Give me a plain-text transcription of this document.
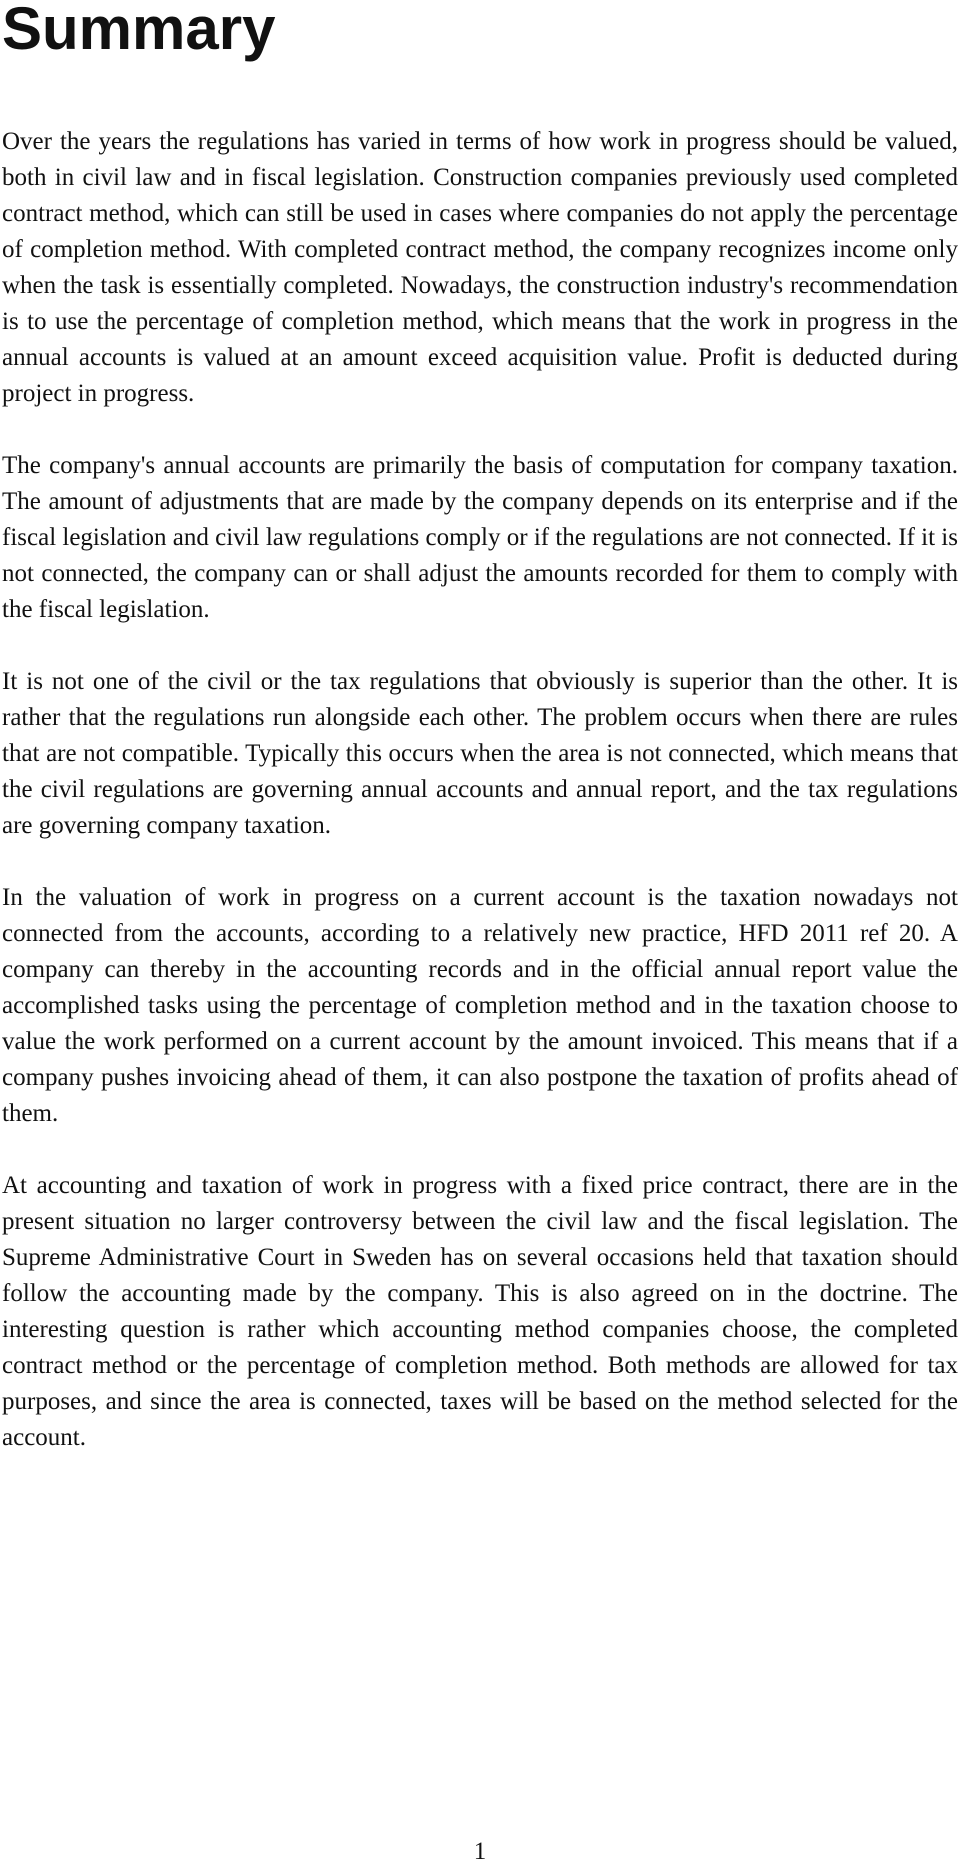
Summary

Over the years the regulations has varied in terms of how work in progress should be valued, both in civil law and in fiscal legislation. Construction companies previously used completed contract method, which can still be used in cases where companies do not apply the percentage of completion method. With completed contract method, the company recognizes income only when the task is essentially completed. Nowadays, the construction industry's recommendation is to use the percentage of completion method, which means that the work in progress in the annual accounts is valued at an amount exceed acquisition value. Profit is deducted during project in progress.

The company's annual accounts are primarily the basis of computation for company taxation. The amount of adjustments that are made by the company depends on its enterprise and if the fiscal legislation and civil law regulations comply or if the regulations are not connected. If it is not connected, the company can or shall adjust the amounts recorded for them to comply with the fiscal legislation.

It is not one of the civil or the tax regulations that obviously is superior than the other. It is rather that the regulations run alongside each other. The problem occurs when there are rules that are not compatible. Typically this occurs when the area is not connected, which means that the civil regulations are governing annual accounts and annual report, and the tax regulations are governing company taxation.

In the valuation of work in progress on a current account is the taxation nowadays not connected from the accounts, according to a relatively new practice, HFD 2011 ref 20. A company can thereby in the accounting records and in the official annual report value the accomplished tasks using the percentage of completion method and in the taxation choose to value the work performed on a current account by the amount invoiced. This means that if a company pushes invoicing ahead of them, it can also postpone the taxation of profits ahead of them.

At accounting and taxation of work in progress with a fixed price contract, there are in the present situation no larger controversy between the civil law and the fiscal legislation. The Supreme Administrative Court in Sweden has on several occasions held that taxation should follow the accounting made by the company. This is also agreed on in the doctrine. The interesting question is rather which accounting method companies choose, the completed contract method or the percentage of completion method. Both methods are allowed for tax purposes, and since the area is connected, taxes will be based on the method selected for the account.

1
